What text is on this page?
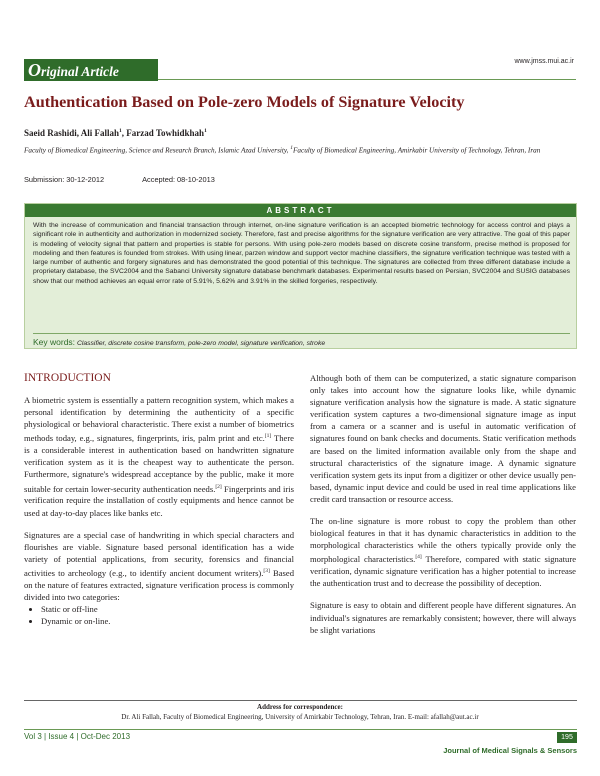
Original Article
www.jmss.mui.ac.ir
Authentication Based on Pole-zero Models of Signature Velocity
Saeid Rashidi, Ali Fallah$^1$, Farzad Towhidkhah$^1$
Faculty of Biomedical Engineering, Science and Research Branch, Islamic Azad University, $^1$Faculty of Biomedical Engineering, Amirkabir University of Technology, Tehran, Iran
Submission: 30-12-2012	Accepted: 08-10-2013
ABSTRACT
With the increase of communication and financial transaction through internet, on-line signature verification is an accepted biometric technology for access control and plays a significant role in authenticity and authorization in modernized society. Therefore, fast and precise algorithms for the signature verification are very attractive. The goal of this paper is modeling of velocity signal that pattern and properties is stable for persons. With using pole-zero models based on discrete cosine transform, precise method is proposed for modeling and then features is founded from strokes. With using linear, parzen window and support vector machine classifiers, the signature verification technique was tested with a large number of authentic and forgery signatures and has demonstrated the good potential of this technique. The signatures are collected from three different database include a proprietary database, the SVC2004 and the Sabanci University signature database benchmark databases. Experimental results based on Persian, SVC2004 and SUSIG databases show that our method achieves an equal error rate of 5.91%, 5.62% and 3.91% in the skilled forgeries, respectively.
Key words: Classifier, discrete cosine transform, pole-zero model, signature verification, stroke
INTRODUCTION

A biometric system is essentially a pattern recognition system, which makes a personal identification by determining the authenticity of a specific physiological or behavioral characteristic. There exist a number of biometrics methods today, e.g., signatures, fingerprints, iris, palm print and etc.[1] There is a considerable interest in authentication based on handwritten signature verification system as it is the cheapest way to authenticate the person. Furthermore, signature's widespread acceptance by the public, make it more suitable for certain lower-security authentication needs.[2] Fingerprints and iris verification require the installation of costly equipments and hence cannot be used at day-to-day places like banks etc.

Signatures are a special case of handwriting in which special characters and flourishes are viable. Signature based personal identification has a wide variety of potential applications, from security, forensics and financial activities to archeology (e.g., to identify ancient document writers).[3] Based on the nature of features extracted, signature verification process is commonly divided into two categories:

• Static or off-line
• Dynamic or on-line.

Although both of them can be computerized, a static signature comparison only takes into account how the signature looks like, while dynamic signature verification analysis how the signature is made. A static signature verification system captures a two-dimensional signature image as input from a camera or a scanner and is useful in automatic verification of signatures found on bank checks and documents. Static verification methods are based on the limited information available only from the shape and structural characteristics of the signature image. A dynamic signature verification system gets its input from a digitizer or other device usually pen-based, dynamic input device and could be used in real time applications like credit card transaction or resource access.

The on-line signature is more robust to copy the problem than other biological features in that it has dynamic characteristics in addition to the morphological characteristics while the others typically provide only the morphological characteristics.[4] Therefore, compared with static signature verification, dynamic signature verification has a higher potential to increase the authentication trust and to decrease the possibility of deception.

Signature is easy to obtain and different people have different signatures. An individual's signatures are remarkably consistent; however, there will always be slight variations

Address for correspondence:
Dr. Ali Fallah, Faculty of Biomedical Engineering, University of Amirkabir Technology, Tehran, Iran. E-mail: afallah@aut.ac.ir
Vol 3 | Issue 4 | Oct-Dec 2013	195
Journal of Medical Signals & Sensors
